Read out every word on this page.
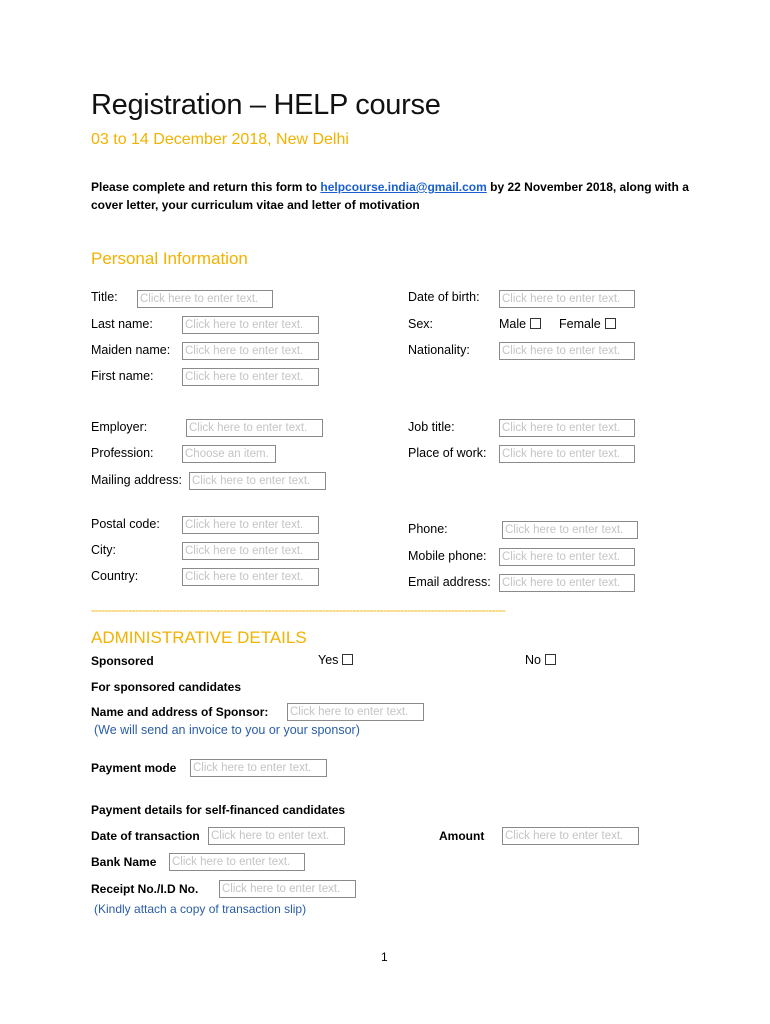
Registration – HELP course
03 to 14 December 2018, New Delhi
Please complete and return this form to helpcourse.india@gmail.com by 22 November 2018, along with a cover letter, your curriculum vitae and letter of motivation
Personal Information
Title: Click here to enter text.
Last name:	Click here to enter text.
Maiden name: Click here to enter text.
First name:	Click here to enter text.
Date of birth: Click here to enter text.
Sex:	Male	Female
Nationality:	Click here to enter text.
Employer:	Click here to enter text.
Profession:	Choose an item.
Mailing address: Click here to enter text.
Job title:	Click here to enter text.
Place of work: Click here to enter text.
Postal code: Click here to enter text.
City:	Click here to enter text.
Country:	Click here to enter text.
Phone:	Click here to enter text.
Mobile phone: Click here to enter text.
Email address: Click here to enter text.
--------------------------------------------------------------------------------------------------------------------------
ADMINISTRATIVE DETAILS
Sponsored	Yes	No
For sponsored candidates
Name and address of Sponsor: Click here to enter text.
(We will send an invoice to you or your sponsor)
Payment mode Click here to enter text.
Payment details for self-financed candidates
Date of transaction Click here to enter text.	Amount Click here to enter text.
Bank Name Click here to enter text.
Receipt No./I.D No. Click here to enter text.
(Kindly attach a copy of transaction slip)
1
